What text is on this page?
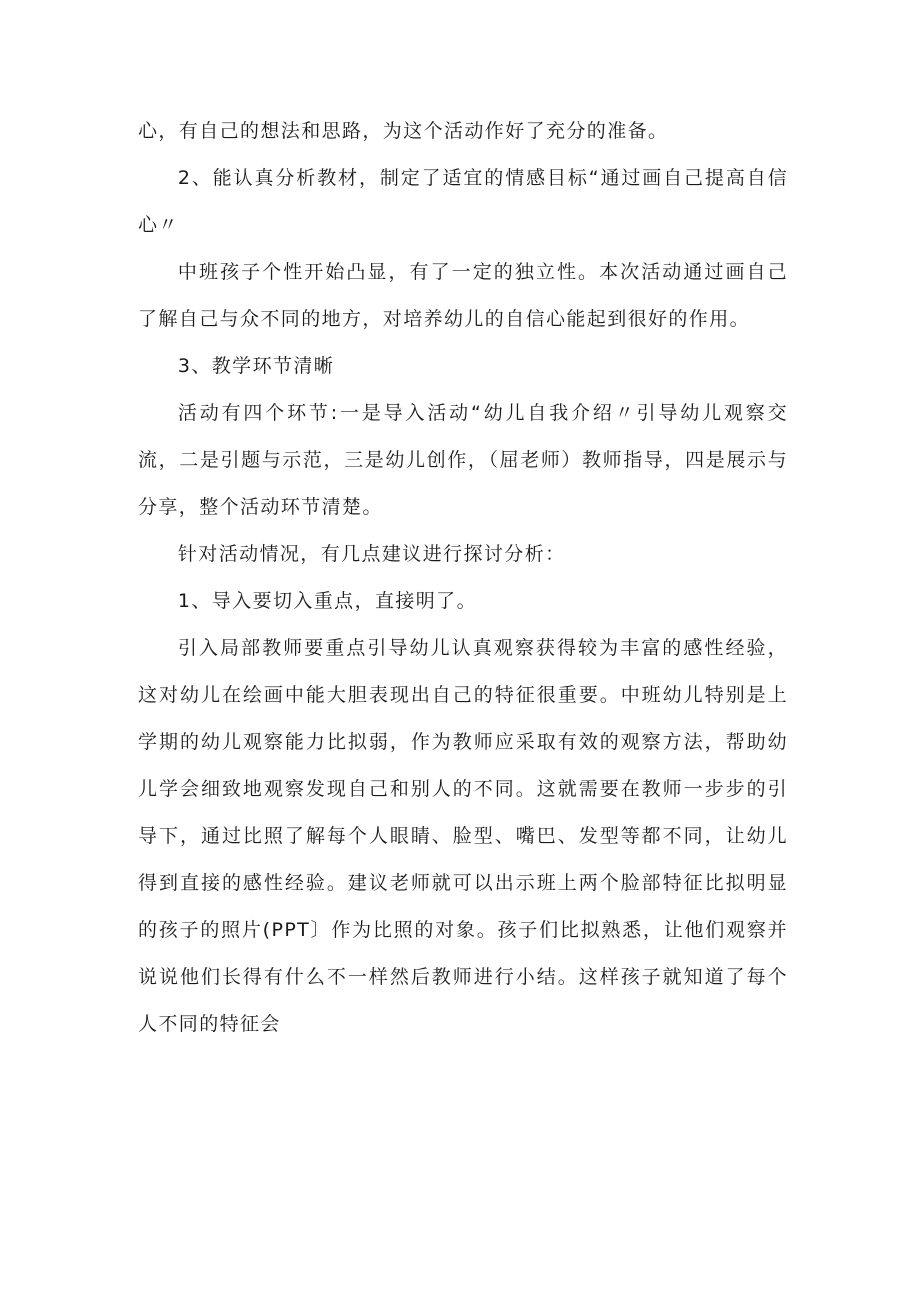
心，有自己的想法和思路，为这个活动作好了充分的准备。

2、能认真分析教材，制定了适宜的情感目标“通过画自己提高自信心〃

中班孩子个性开始凸显，有了一定的独立性。本次活动通过画自己了解自己与众不同的地方，对培养幼儿的自信心能起到很好的作用。

3、教学环节清晰

活动有四个环节:一是导入活动“幼儿自我介绍〃引导幼儿观察交流，二是引题与示范，三是幼儿创作，（屈老师）教师指导，四是展示与分享，整个活动环节清楚。

针对活动情况，有几点建议进行探讨分析：

1、导入要切入重点，直接明了。

引入局部教师要重点引导幼儿认真观察获得较为丰富的感性经验，这对幼儿在绘画中能大胆表现出自己的特征很重要。中班幼儿特别是上学期的幼儿观察能力比拟弱，作为教师应采取有效的观察方法，帮助幼儿学会细致地观察发现自己和别人的不同。这就需要在教师一步步的引导下，通过比照了解每个人眼睛、脸型、嘴巴、发型等都不同，让幼儿得到直接的感性经验。建议老师就可以出示班上两个脸部特征比拟明显的孩子的照片(PPT〕作为比照的对象。孩子们比拟熟悉，让他们观察并说说他们长得有什么不一样然后教师进行小结。这样孩子就知道了每个人不同的特征会
